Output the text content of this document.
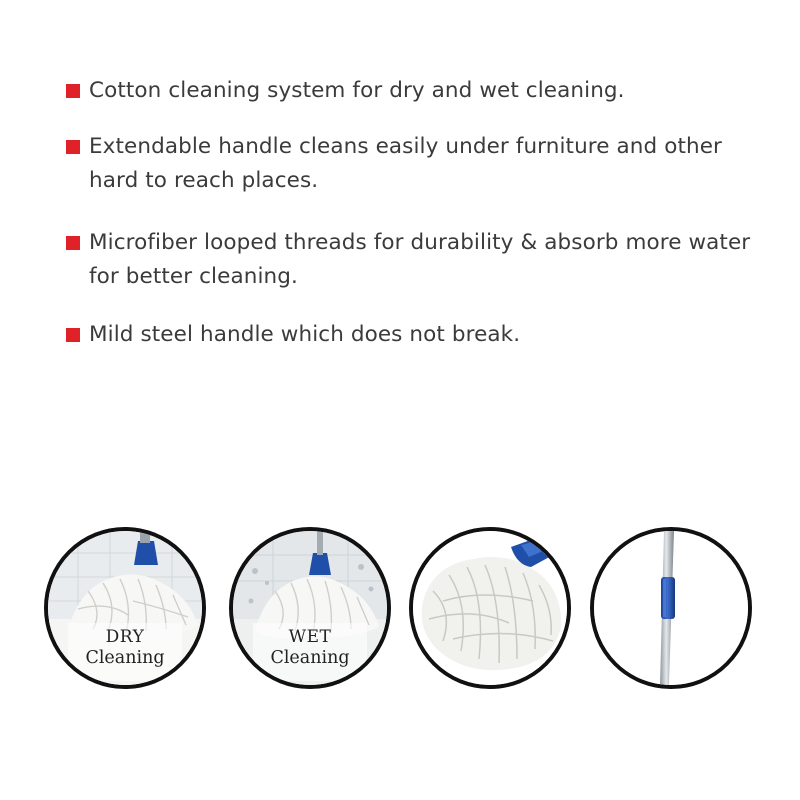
Cotton cleaning system for dry and wet cleaning.
Extendable handle cleans easily under furniture and other hard to reach places.
Microfiber looped threads for durability & absorb more water for better cleaning.
Mild steel handle which does not break.
DRY
Cleaning
WET
Cleaning
